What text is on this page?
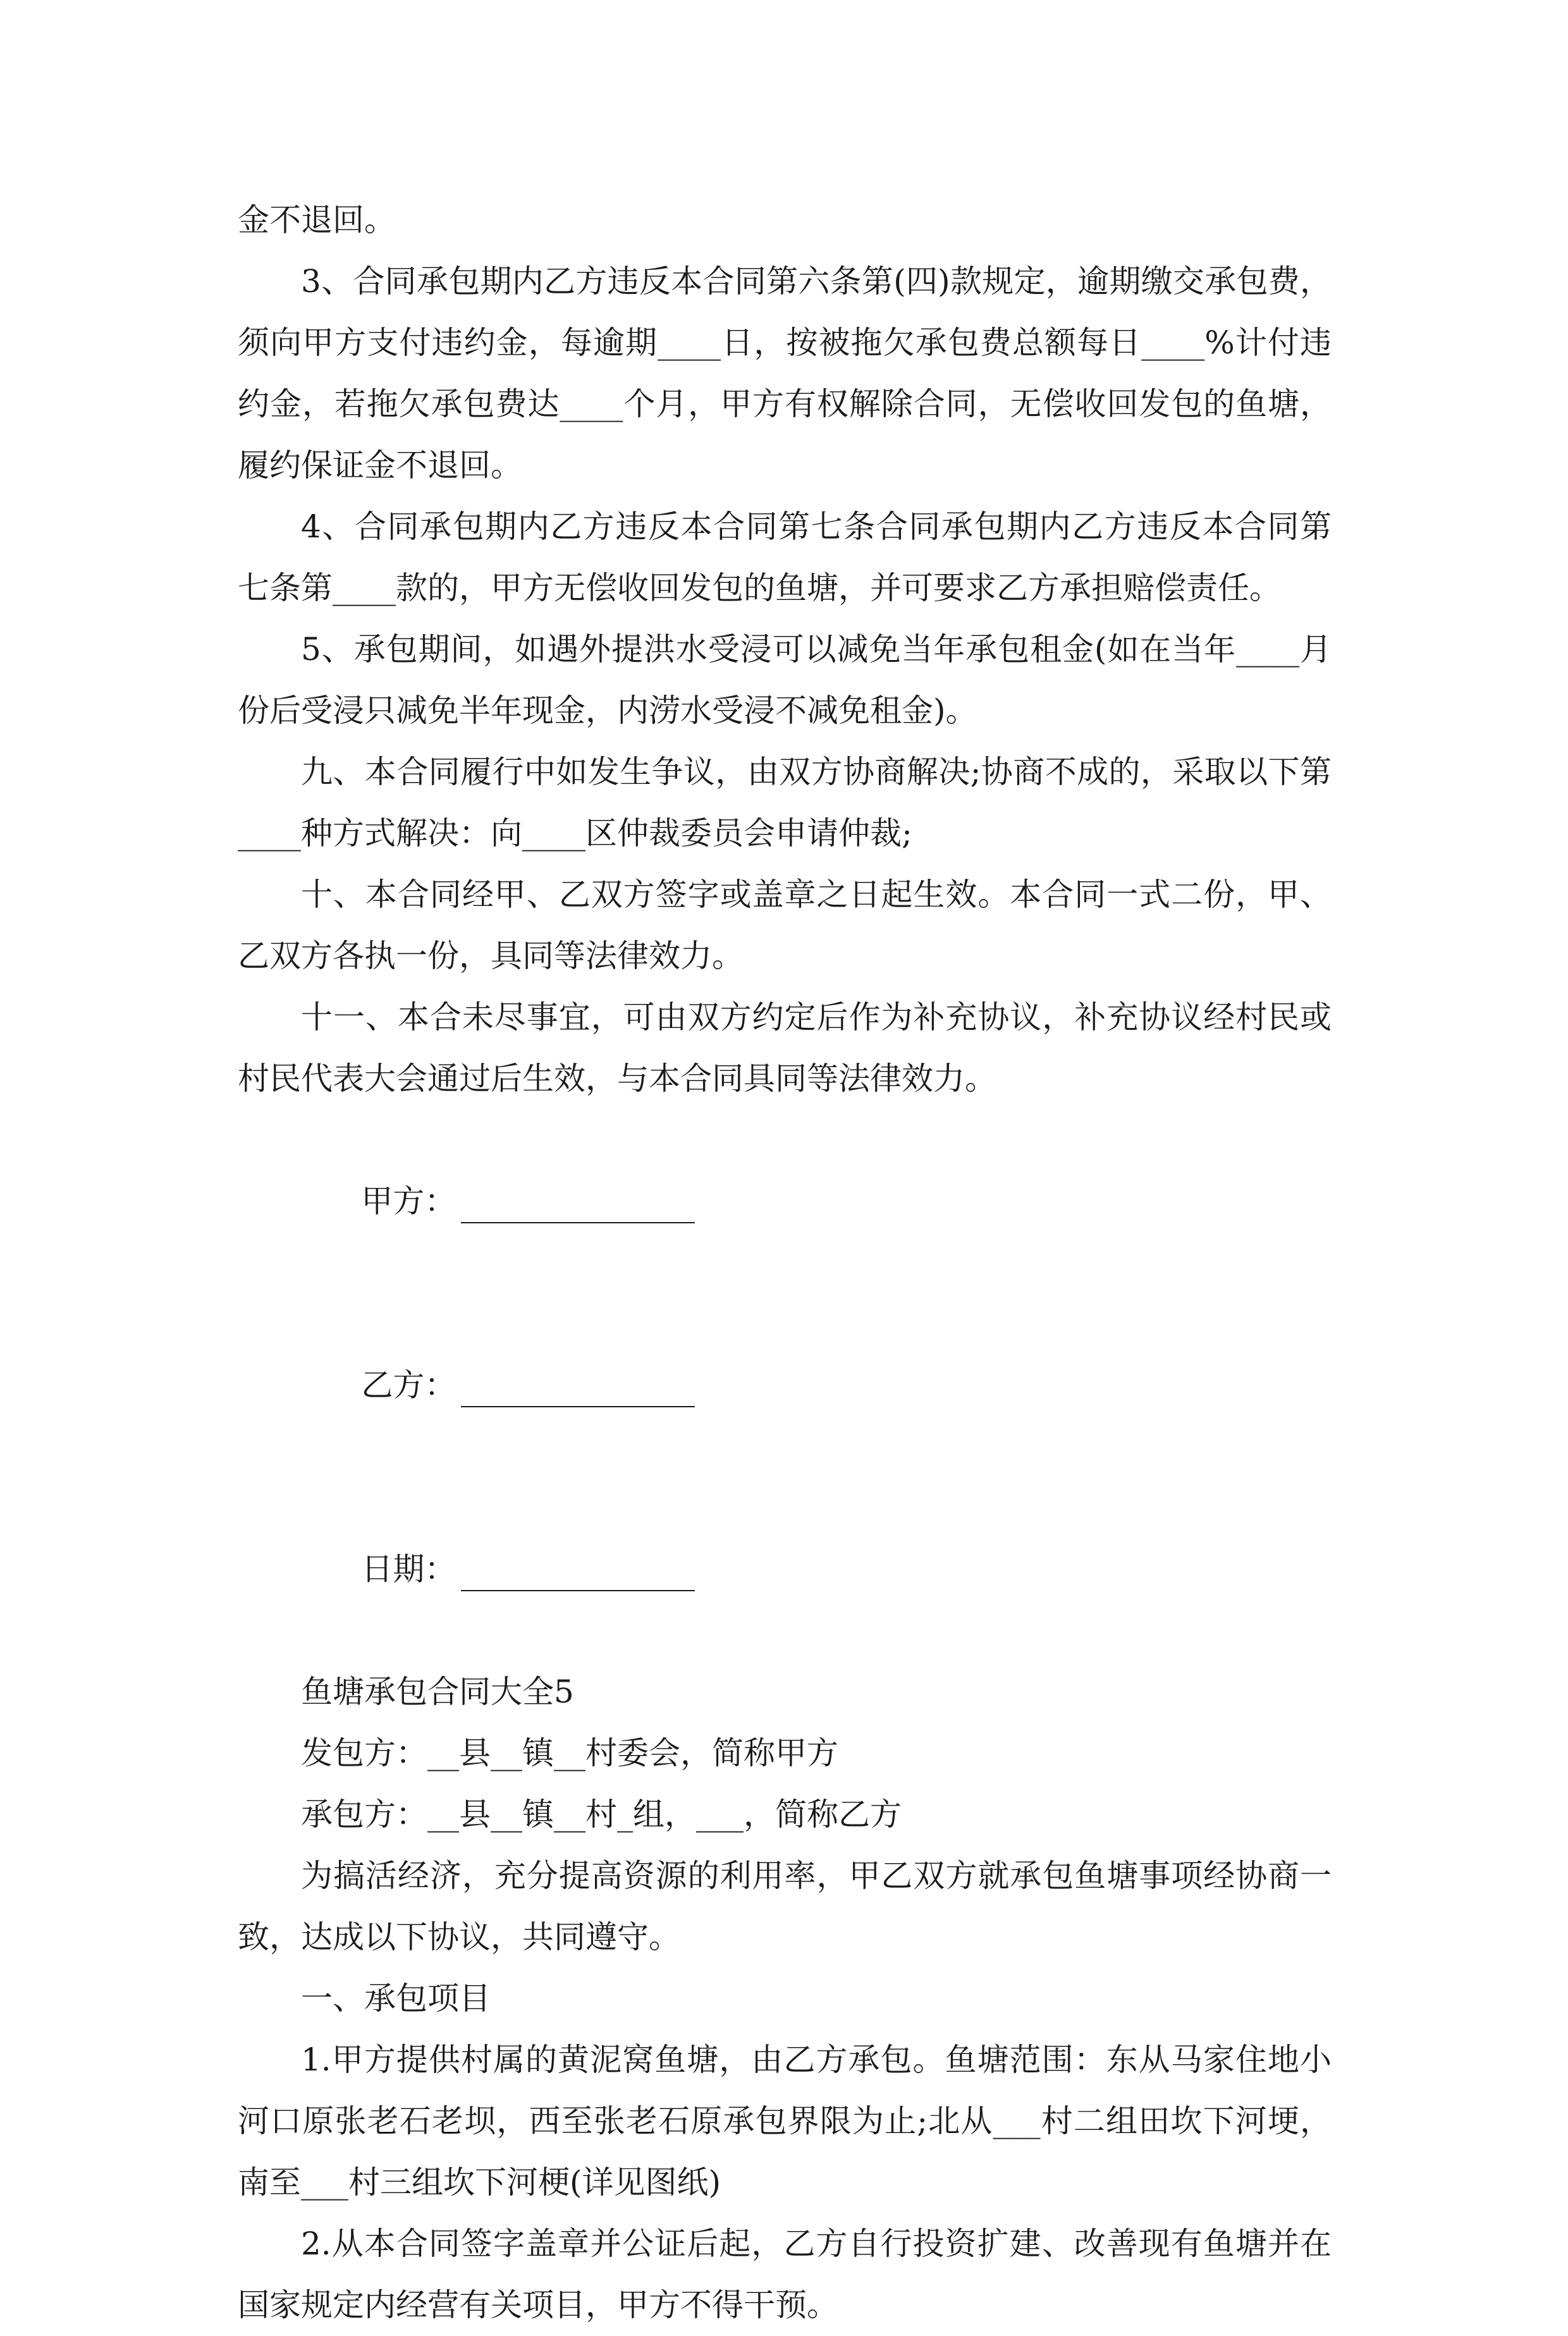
金不退回。

3、合同承包期内乙方违反本合同第六条第(四)款规定，逾期缴交承包费，须向甲方支付违约金，每逾期____日，按被拖欠承包费总额每日____%计付违约金，若拖欠承包费达____个月，甲方有权解除合同，无偿收回发包的鱼塘，履约保证金不退回。

4、合同承包期内乙方违反本合同第七条合同承包期内乙方违反本合同第七条第____款的，甲方无偿收回发包的鱼塘，并可要求乙方承担赔偿责任。

5、承包期间，如遇外提洪水受浸可以减免当年承包租金(如在当年____月份后受浸只减免半年现金，内涝水受浸不减免租金)。

九、本合同履行中如发生争议，由双方协商解决;协商不成的，采取以下第____种方式解决：向____区仲裁委员会申请仲裁;

十、本合同经甲、乙双方签字或盖章之日起生效。本合同一式二份，甲、乙双方各执一份，具同等法律效力。

十一、本合未尽事宜，可由双方约定后作为补充协议，补充协议经村民或村民代表大会通过后生效，与本合同具同等法律效力。

甲方：

乙方：

日期：

鱼塘承包合同大全5

发包方：__县__镇__村委会，简称甲方

承包方：__县__镇__村_组，___，简称乙方

为搞活经济，充分提高资源的利用率，甲乙双方就承包鱼塘事项经协商一致，达成以下协议，共同遵守。

一、承包项目

1.甲方提供村属的黄泥窝鱼塘，由乙方承包。鱼塘范围：东从马家住地小河口原张老石老坝，西至张老石原承包界限为止;北从___村二组田坎下河埂，南至___村三组坎下河梗(详见图纸)

2.从本合同签字盖章并公证后起，乙方自行投资扩建、改善现有鱼塘并在国家规定内经营有关项目，甲方不得干预。
